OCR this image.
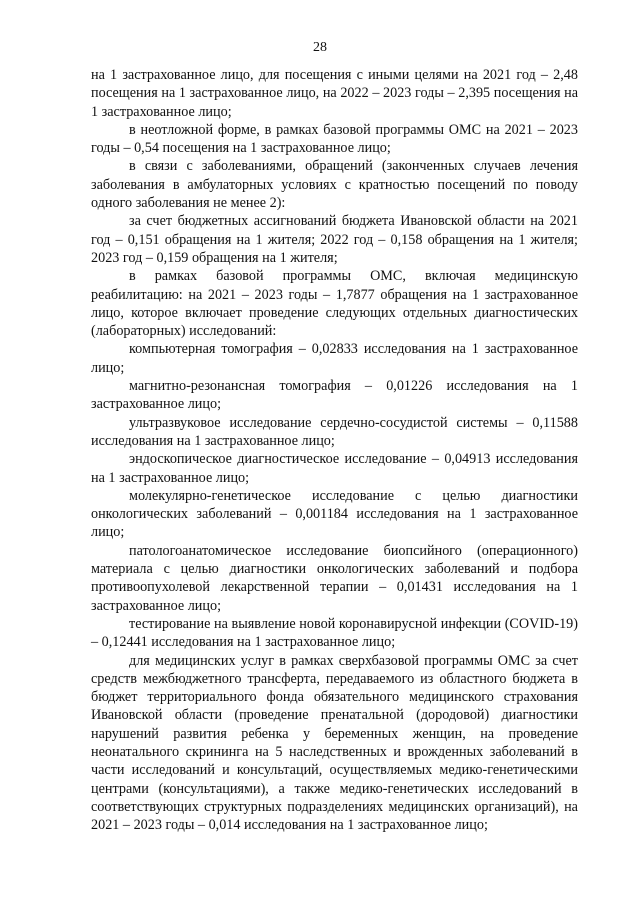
28

на 1 застрахованное лицо, для посещения с иными целями на 2021 год – 2,48 посещения на 1 застрахованное лицо, на 2022 – 2023 годы – 2,395 посещения на 1 застрахованное лицо;

в неотложной форме, в рамках базовой программы ОМС на 2021 – 2023 годы – 0,54 посещения на 1 застрахованное лицо;

в связи с заболеваниями, обращений (законченных случаев лечения заболевания в амбулаторных условиях с кратностью посещений по поводу одного заболевания не менее 2):

за счет бюджетных ассигнований бюджета Ивановской области на 2021 год – 0,151 обращения на 1 жителя; 2022 год – 0,158 обращения на 1 жителя; 2023 год – 0,159 обращения на 1 жителя;

в рамках базовой программы ОМС, включая медицинскую реабилитацию: на 2021 – 2023 годы – 1,7877 обращения на 1 застрахованное лицо, которое включает проведение следующих отдельных диагностических (лабораторных) исследований:

компьютерная томография – 0,02833 исследования на 1 застрахованное лицо;

магнитно-резонансная томография – 0,01226 исследования на 1 застрахованное лицо;

ультразвуковое исследование сердечно-сосудистой системы – 0,11588 исследования на 1 застрахованное лицо;

эндоскопическое диагностическое исследование – 0,04913 исследования на 1 застрахованное лицо;

молекулярно-генетическое исследование с целью диагностики онкологических заболеваний – 0,001184 исследования на 1 застрахованное лицо;

патологоанатомическое исследование биопсийного (операционного) материала с целью диагностики онкологических заболеваний и подбора противоопухолевой лекарственной терапии – 0,01431 исследования на 1 застрахованное лицо;

тестирование на выявление новой коронавирусной инфекции (COVID-19) – 0,12441 исследования на 1 застрахованное лицо;

для медицинских услуг в рамках сверхбазовой программы ОМС за счет средств межбюджетного трансферта, передаваемого из областного бюджета в бюджет территориального фонда обязательного медицинского страхования Ивановской области (проведение пренатальной (дородовой) диагностики нарушений развития ребенка у беременных женщин, на проведение неонатального скрининга на 5 наследственных и врожденных заболеваний в части исследований и консультаций, осуществляемых медико-генетическими центрами (консультациями), а также медико-генетических исследований в соответствующих структурных подразделениях медицинских организаций), на 2021 – 2023 годы – 0,014 исследования на 1 застрахованное лицо;
